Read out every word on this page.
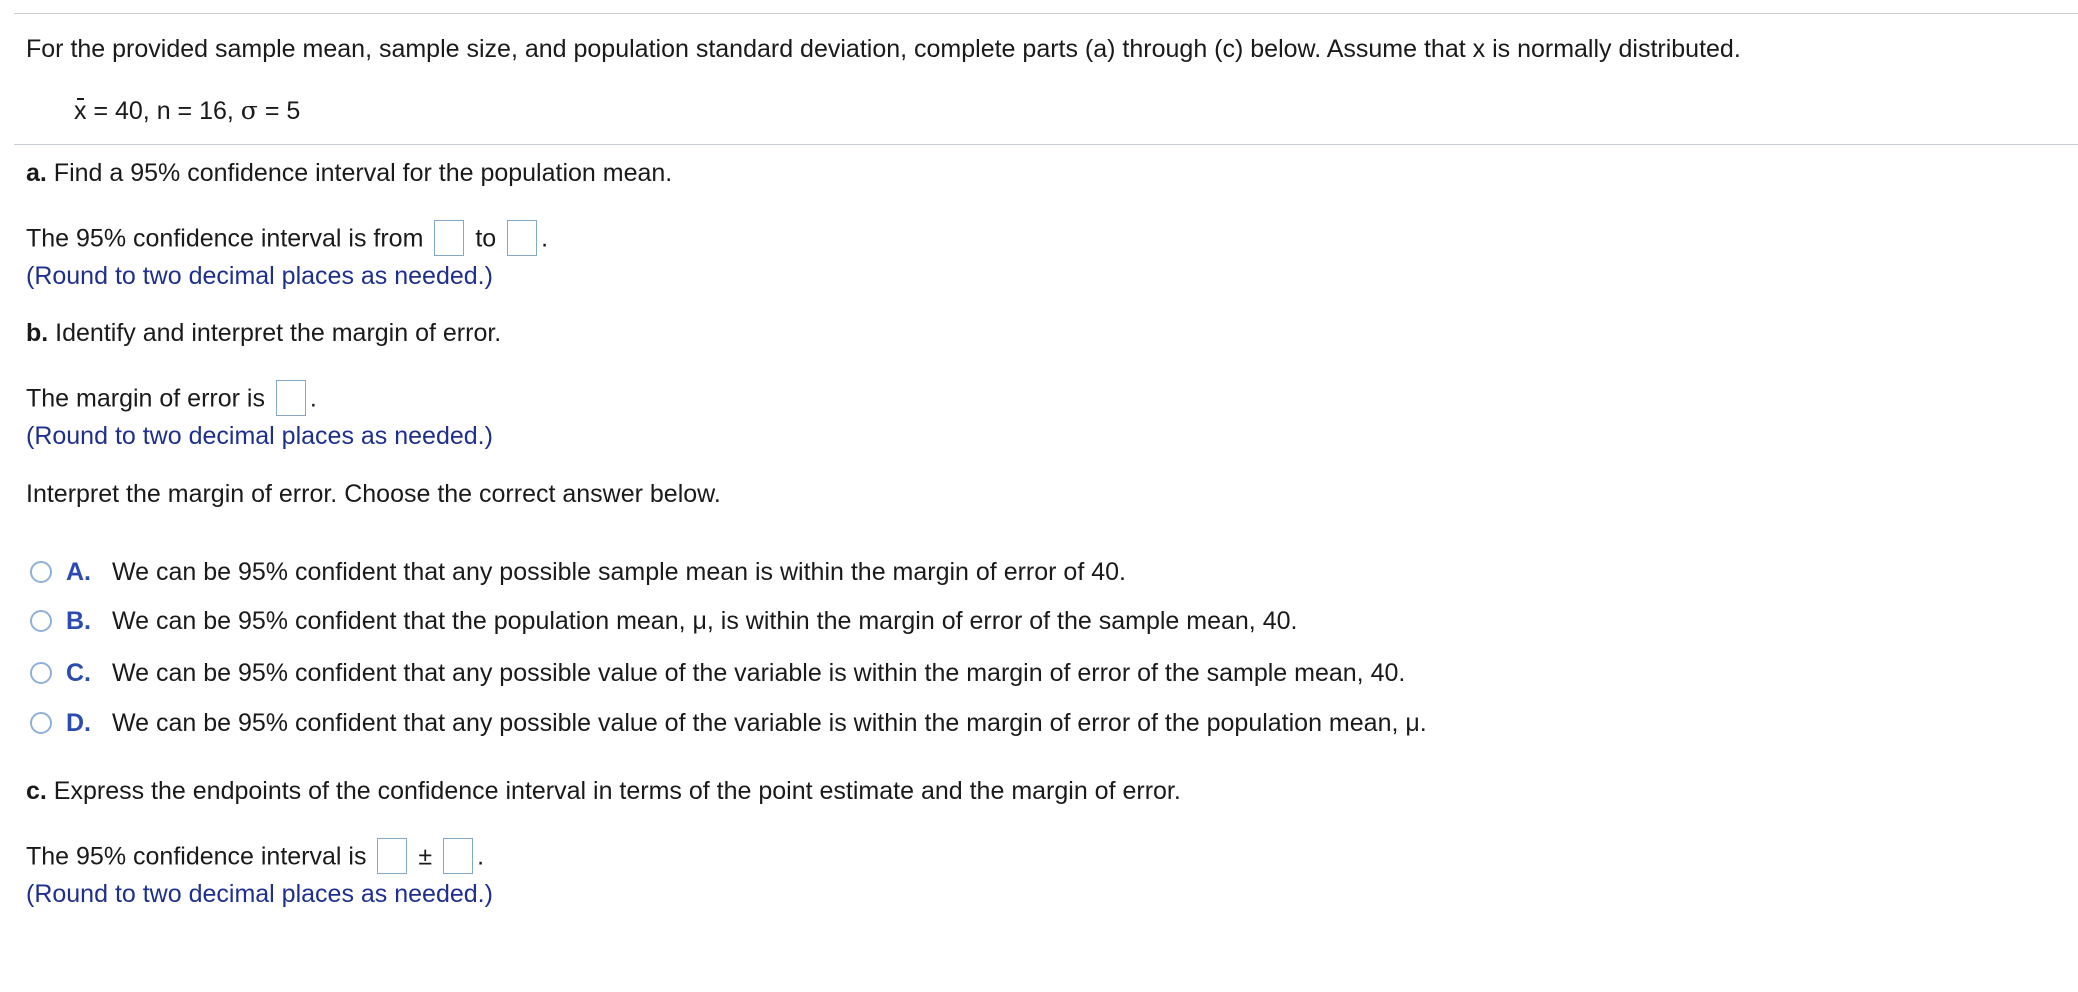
For the provided sample mean, sample size, and population standard deviation, complete parts (a) through (c) below. Assume that x is normally distributed.
x = 40, n = 16, σ = 5
a. Find a 95% confidence interval for the population mean.
The 95% confidence interval is from to .
(Round to two decimal places as needed.)
b. Identify and interpret the margin of error.
The margin of error is .
(Round to two decimal places as needed.)
Interpret the margin of error. Choose the correct answer below.
A. We can be 95% confident that any possible sample mean is within the margin of error of 40.
B. We can be 95% confident that the population mean, μ, is within the margin of error of the sample mean, 40.
C. We can be 95% confident that any possible value of the variable is within the margin of error of the sample mean, 40.
D. We can be 95% confident that any possible value of the variable is within the margin of error of the population mean, μ.
c. Express the endpoints of the confidence interval in terms of the point estimate and the margin of error.
The 95% confidence interval is ± .
(Round to two decimal places as needed.)
